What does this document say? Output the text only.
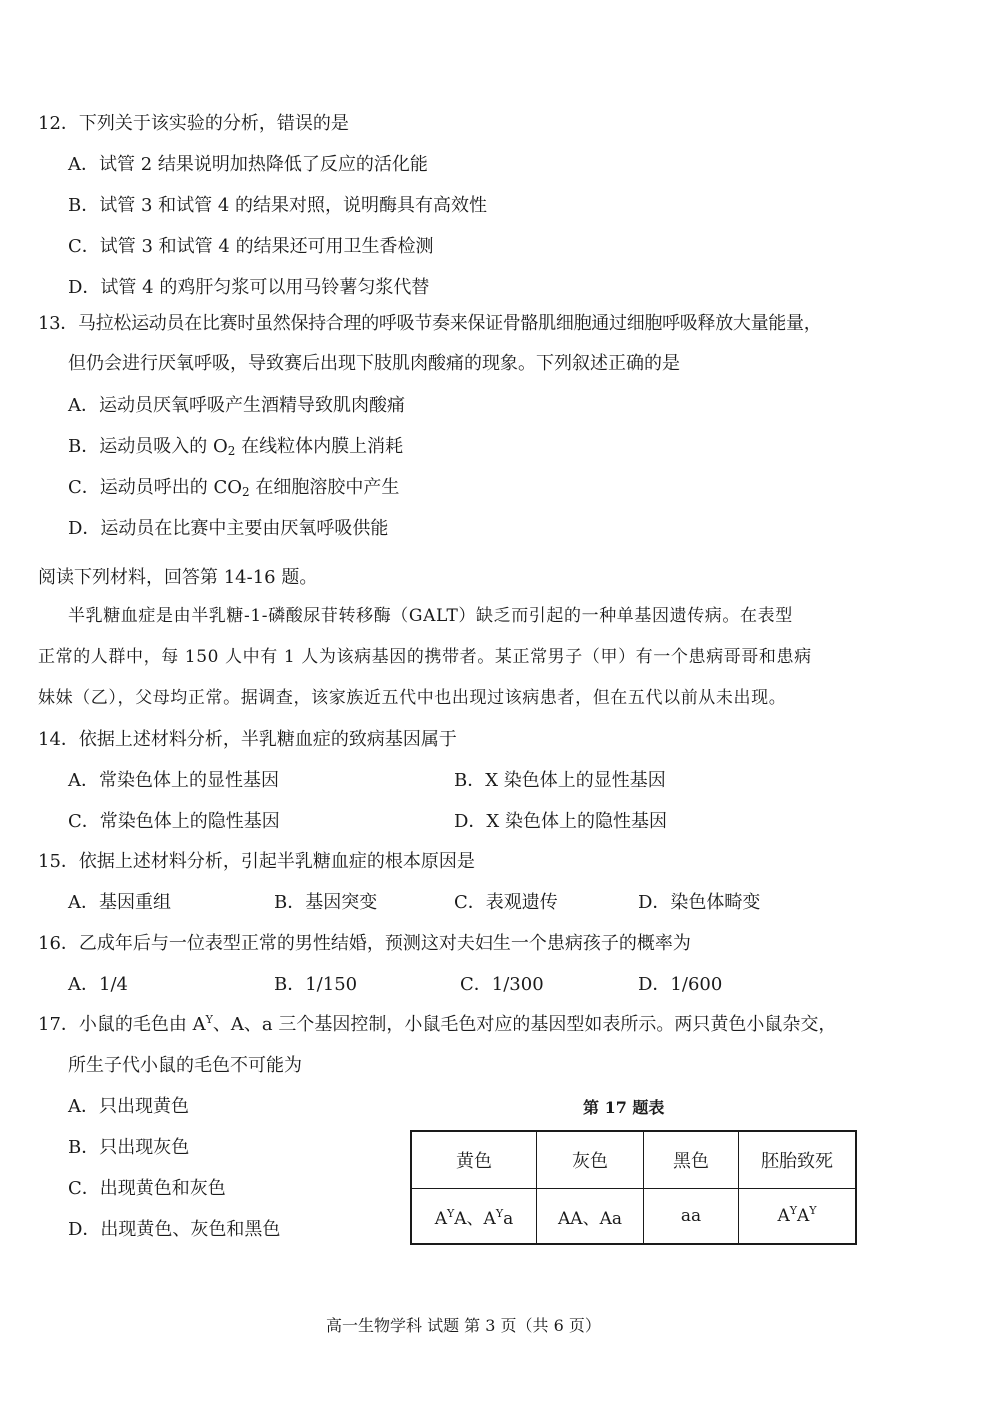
12．下列关于该实验的分析，错误的是
A．试管 2 结果说明加热降低了反应的活化能
B．试管 3 和试管 4 的结果对照，说明酶具有高效性
C．试管 3 和试管 4 的结果还可用卫生香检测
D．试管 4 的鸡肝匀浆可以用马铃薯匀浆代替
13．马拉松运动员在比赛时虽然保持合理的呼吸节奏来保证骨骼肌细胞通过细胞呼吸释放大量能量，
但仍会进行厌氧呼吸，导致赛后出现下肢肌肉酸痛的现象。下列叙述正确的是
A．运动员厌氧呼吸产生酒精导致肌肉酸痛
B．运动员吸入的 $O_2$ 在线粒体内膜上消耗
C．运动员呼出的 $CO_2$ 在细胞溶胶中产生
D．运动员在比赛中主要由厌氧呼吸供能
阅读下列材料，回答第 14-16 题。
半乳糖血症是由半乳糖-1-磷酸尿苷转移酶（GALT）缺乏而引起的一种单基因遗传病。在表型
正常的人群中，每 150 人中有 1 人为该病基因的携带者。某正常男子（甲）有一个患病哥哥和患病
妹妹（乙），父母均正常。据调查，该家族近五代中也出现过该病患者，但在五代以前从未出现。
14．依据上述材料分析，半乳糖血症的致病基因属于
A．常染色体上的显性基因	B．X 染色体上的显性基因
C．常染色体上的隐性基因	D．X 染色体上的隐性基因
15．依据上述材料分析，引起半乳糖血症的根本原因是
A．基因重组	B．基因突变	C．表观遗传	D．染色体畸变
16．乙成年后与一位表型正常的男性结婚，预测这对夫妇生一个患病孩子的概率为
A．1/4	B．1/150	C．1/300	D．1/600
17．小鼠的毛色由 $A^Y$、A、a 三个基因控制，小鼠毛色对应的基因型如表所示。两只黄色小鼠杂交，
所生子代小鼠的毛色不可能为
A．只出现黄色
B．只出现灰色
C．出现黄色和灰色
D．出现黄色、灰色和黑色
第 17 题表
黄色	灰色	黑色	胚胎致死
$A^YA$、$A^Ya$	AA、Aa	aa	$A^YA^Y$
高一生物学科 试题 第 3 页（共 6 页）
